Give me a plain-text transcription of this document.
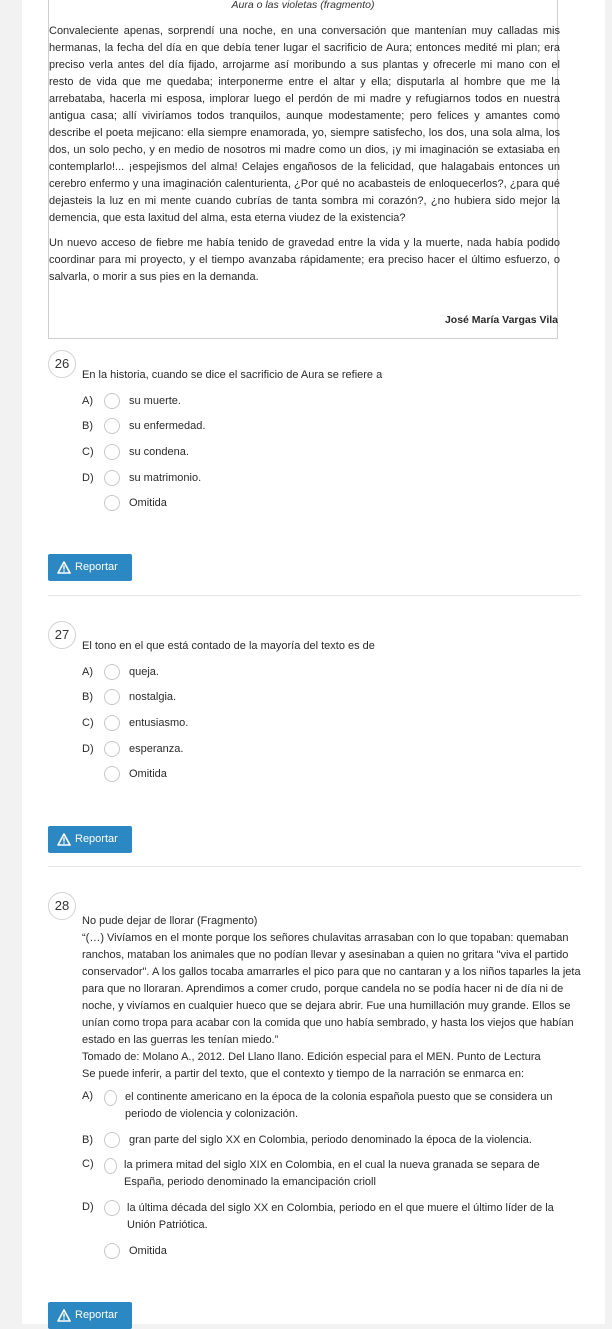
Aura o las violetas (fragmento)

Convaleciente apenas, sorprendí una noche, en una conversación que mantenían muy calladas mis hermanas, la fecha del día en que debía tener lugar el sacrificio de Aura; entonces medité mi plan; era preciso verla antes del día fijado, arrojarme así moribundo a sus plantas y ofrecerle mi mano con el resto de vida que me quedaba; interponerme entre el altar y ella; disputarla al hombre que me la arrebataba, hacerla mi esposa, implorar luego el perdón de mi madre y refugiarnos todos en nuestra antigua casa; allí viviríamos todos tranquilos, aunque modestamente; pero felices y amantes como describe el poeta mejicano: ella siempre enamorada, yo, siempre satisfecho, los dos, una sola alma, los dos, un solo pecho, y en medio de nosotros mi madre como un dios, ¡y mi imaginación se extasiaba en contemplarlo!... ¡espejismos del alma! Celajes engañosos de la felicidad, que halagabais entonces un cerebro enfermo y una imaginación calenturienta, ¿Por qué no acabasteis de enloquecerlos?, ¿para qué dejasteis la luz en mi mente cuando cubrías de tanta sombra mi corazón?, ¿no hubiera sido mejor la demencia, que esta laxitud del alma, esta eterna viudez de la existencia?

Un nuevo acceso de fiebre me había tenido de gravedad entre la vida y la muerte, nada había podido coordinar para mi proyecto, y el tiempo avanzaba rápidamente; era preciso hacer el último esfuerzo, o salvarla, o morir a sus pies en la demanda.

José María Vargas Vila
26
En la historia, cuando se dice el sacrificio de Aura se refiere a
A)	su muerte.
B)	su enfermedad.
C)	su condena.
D)	su matrimonio.
Omitida
Reportar
27
El tono en el que está contado de la mayoría del texto es de
A)	queja.
B)	nostalgia.
C)	entusiasmo.
D)	esperanza.
Omitida
Reportar
28
No pude dejar de llorar (Fragmento)
“(…) Vivíamos en el monte porque los señores chulavitas arrasaban con lo que topaban: quemaban ranchos, mataban los animales que no podían llevar y asesinaban a quien no gritara "viva el partido conservador". A los gallos tocaba amarrarles el pico para que no cantaran y a los niños taparles la jeta para que no lloraran. Aprendimos a comer crudo, porque candela no se podía hacer ni de día ni de noche, y vivíamos en cualquier hueco que se dejara abrir. Fue una humillación muy grande. Ellos se unían como tropa para acabar con la comida que uno había sembrado, y hasta los viejos que habían estado en las guerras les tenían miedo.”
Tomado de: Molano A., 2012. Del Llano llano. Edición especial para el MEN. Punto de Lectura
Se puede inferir, a partir del texto, que el contexto y tiempo de la narración se enmarca en:
A)	el continente americano en la época de la colonia española puesto que se considera un periodo de violencia y colonización.
B)	gran parte del siglo XX en Colombia, periodo denominado la época de la violencia.
C)	la primera mitad del siglo XIX en Colombia, en el cual la nueva granada se separa de España, periodo denominado la emancipación crioll
D)	la última década del siglo XX en Colombia, periodo en el que muere el último líder de la Unión Patriótica.
Omitida
Reportar
